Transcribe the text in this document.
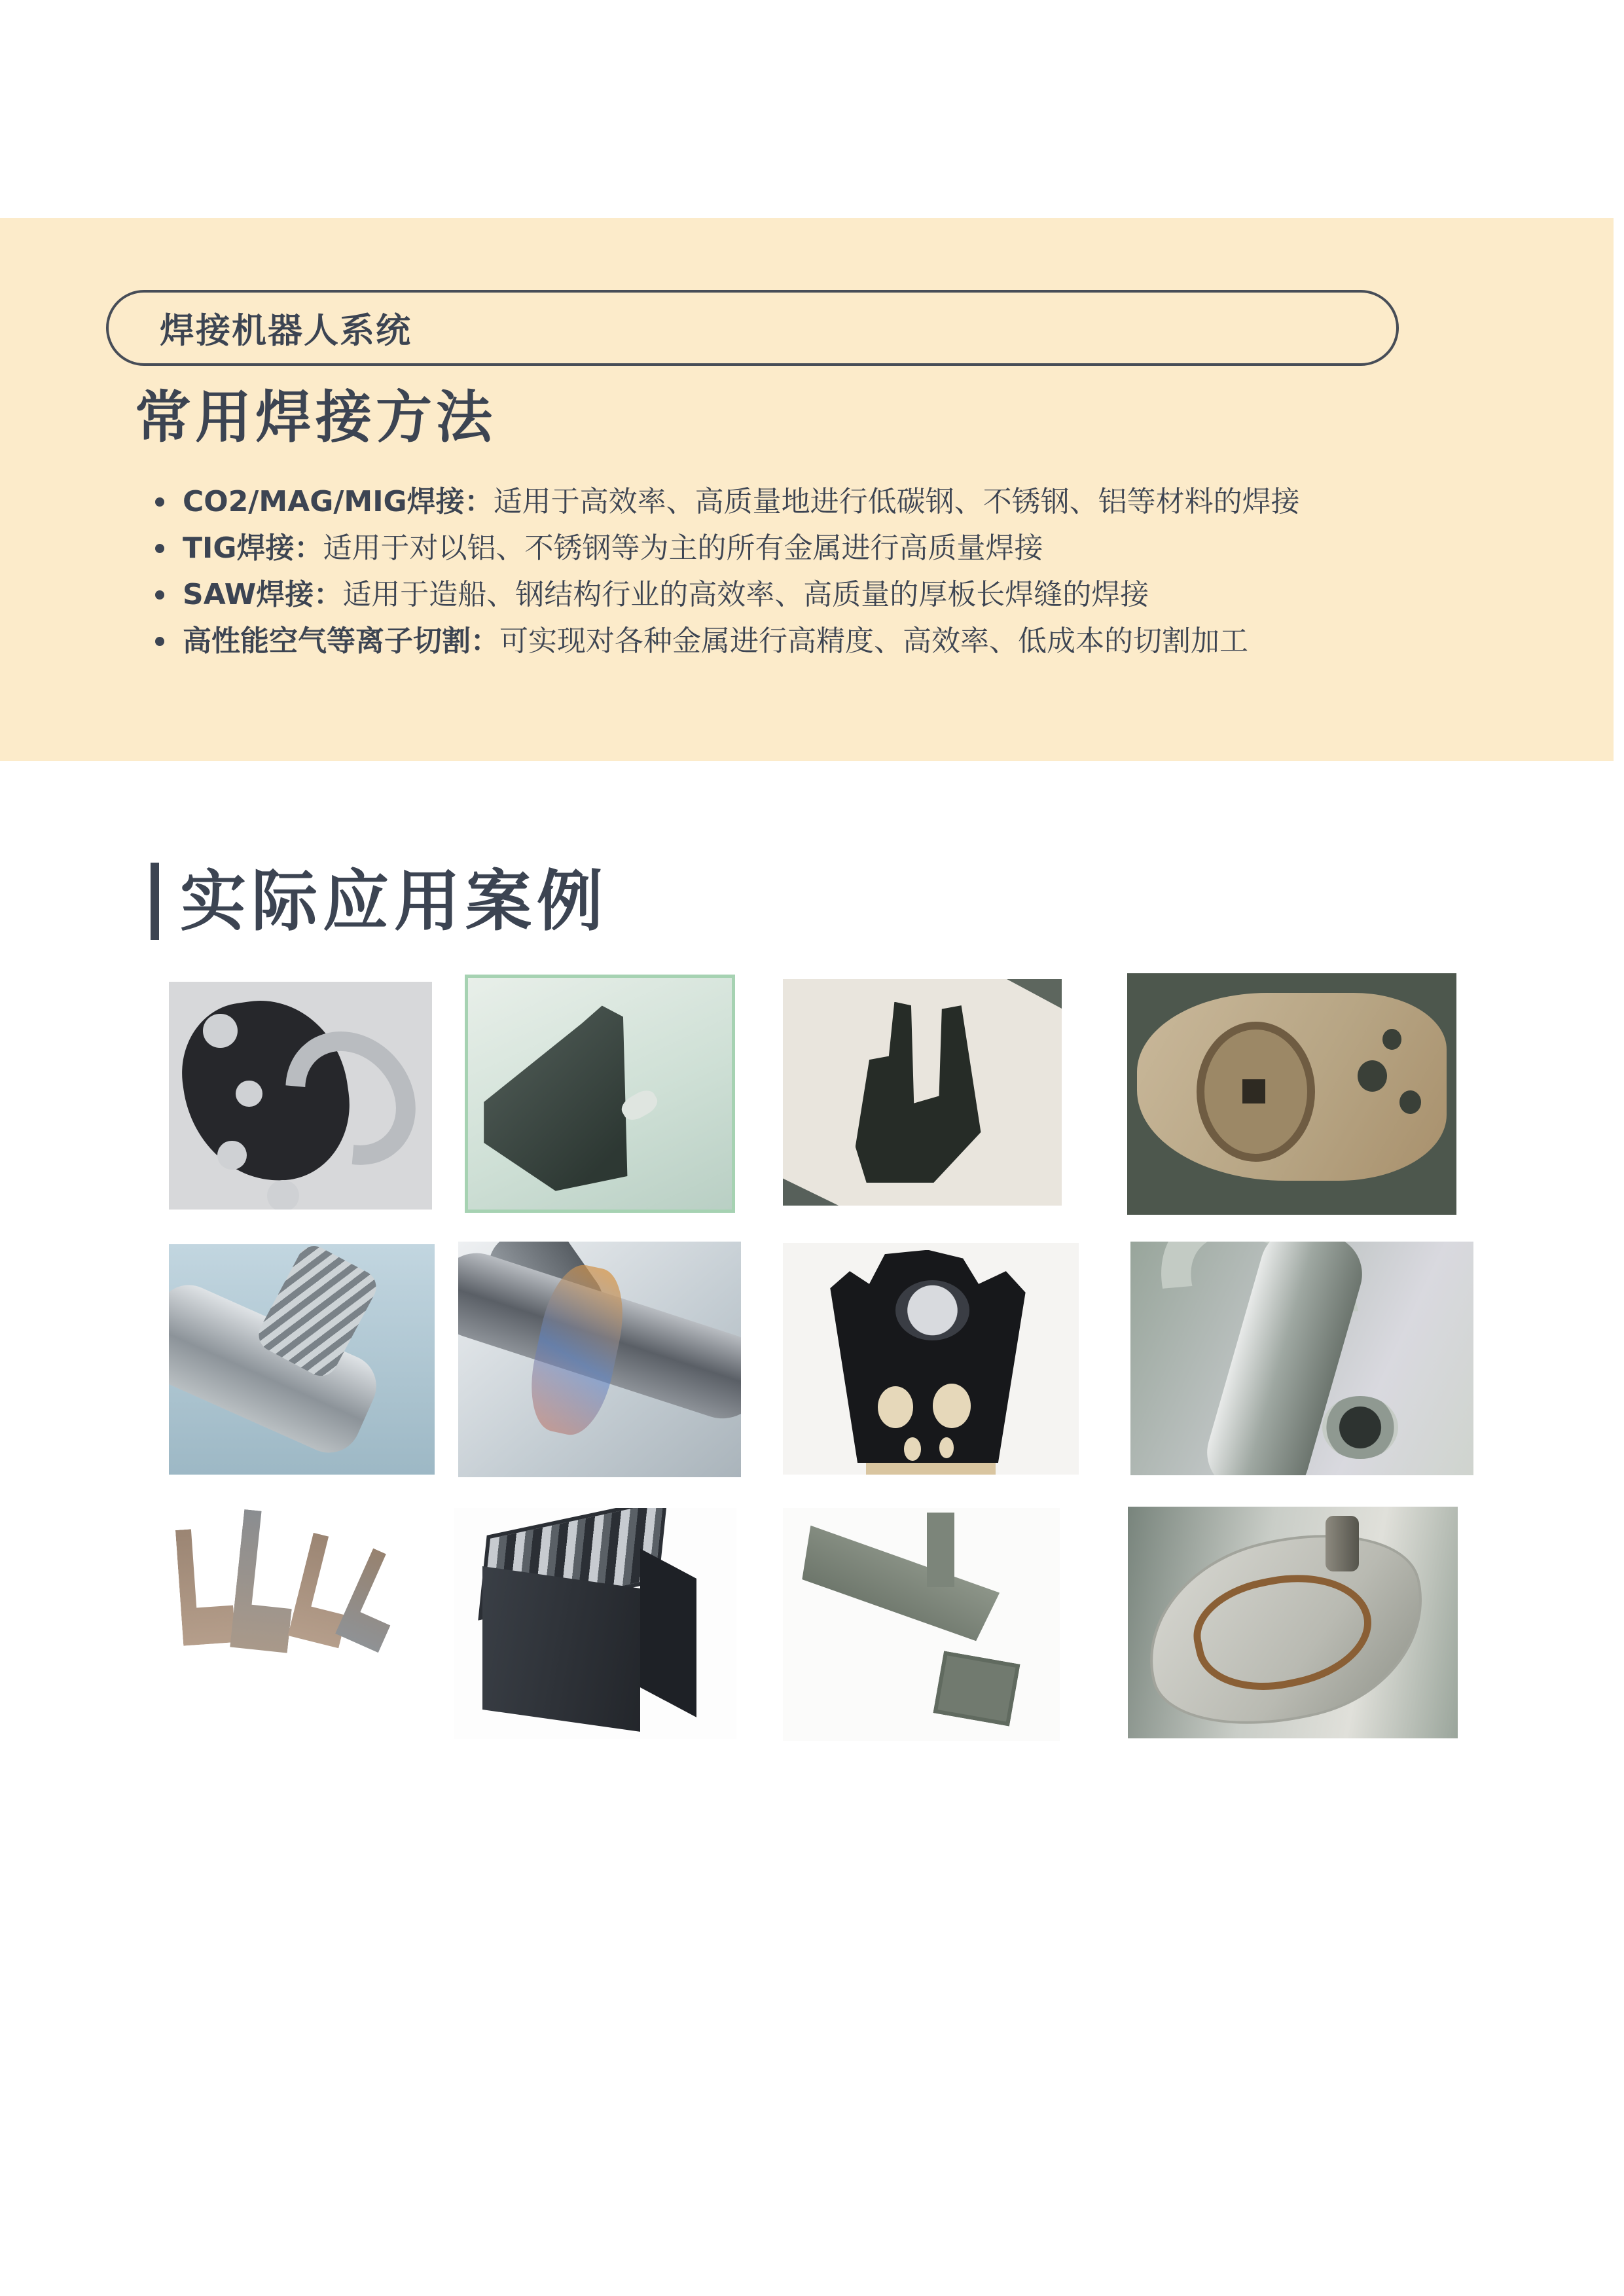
焊接机器人系统
常用焊接方法
CO2/MAG/MIG焊接：适用于高效率、高质量地进行低碳钢、不锈钢、铝等材料的焊接
TIG焊接：适用于对以铝、不锈钢等为主的所有金属进行高质量焊接
SAW焊接：适用于造船、钢结构行业的高效率、高质量的厚板长焊缝的焊接
高性能空气等离子切割：可实现对各种金属进行高精度、高效率、低成本的切割加工
实际应用案例
